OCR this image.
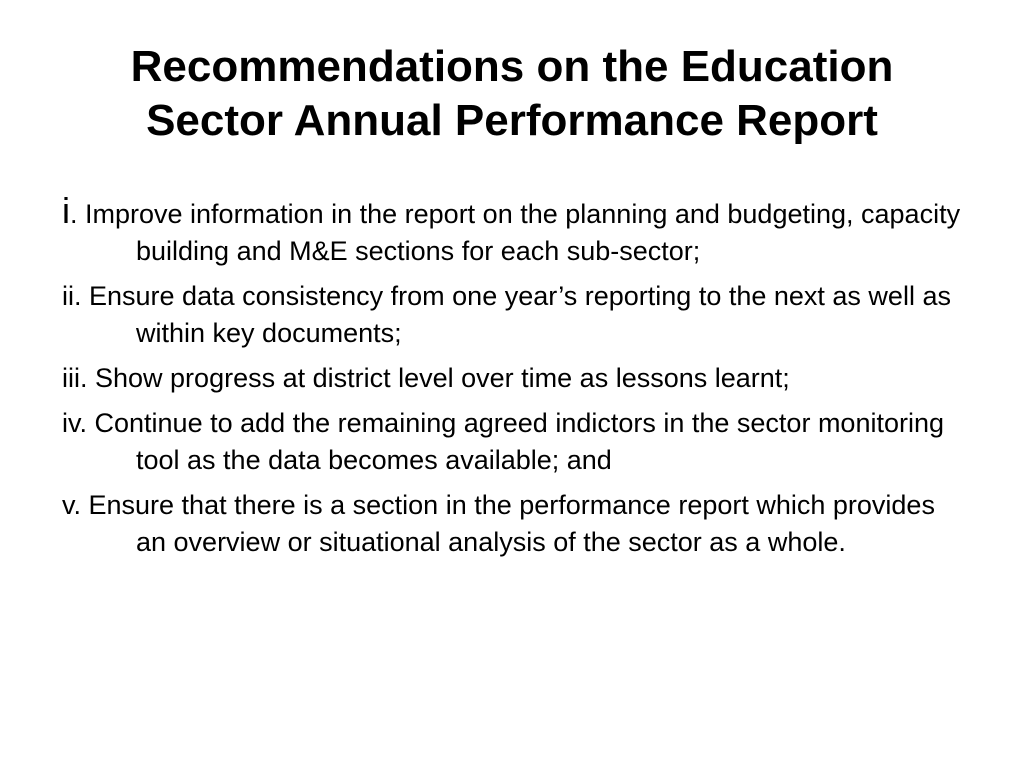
Recommendations on the Education
Sector Annual Performance Report
i. Improve information in the report on the planning and budgeting, capacity building and M&E sections for each sub-sector;
ii. Ensure data consistency from one year’s reporting to the next as well as within key documents;
iii. Show progress at district level over time as lessons learnt;
iv. Continue to add the remaining agreed indictors in the sector monitoring tool as the data becomes available; and
v. Ensure that there is a section in the performance report which provides an overview or situational analysis of the sector as a whole.
